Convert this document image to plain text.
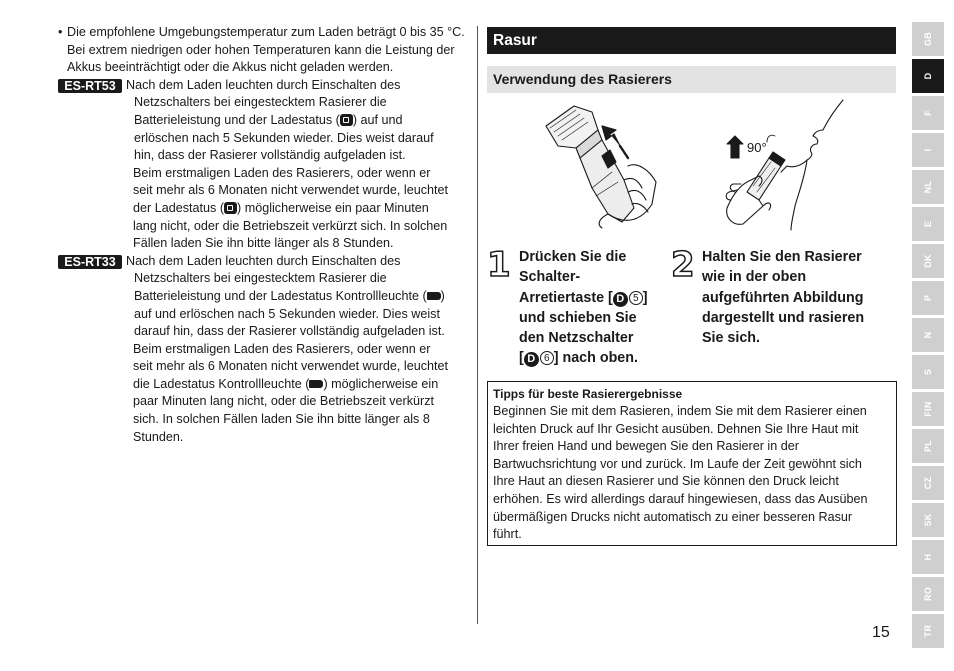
• Die empfohlene Umgebungstemperatur zum Laden beträgt 0 bis 35 °C.
Bei extrem niedrigen oder hohen Temperaturen kann die Leistung der
Akkus beeinträchtigt oder die Akkus nicht geladen werden.
ES-RT53 Nach dem Laden leuchten durch Einschalten des
Netzschalters bei eingestecktem Rasierer die
Batterieleistung und der Ladestatus ( ) auf und
erlöschen nach 5 Sekunden wieder. Dies weist darauf
hin, dass der Rasierer vollständig aufgeladen ist.
Beim erstmaligen Laden des Rasierers, oder wenn er
seit mehr als 6 Monaten nicht verwendet wurde, leuchtet
der Ladestatus ( ) möglicherweise ein paar Minuten
lang nicht, oder die Betriebszeit verkürzt sich. In solchen
Fällen laden Sie ihn bitte länger als 8 Stunden.
ES-RT33 Nach dem Laden leuchten durch Einschalten des
Netzschalters bei eingestecktem Rasierer die
Batterieleistung und der Ladestatus Kontrollleuchte ( )
auf und erlöschen nach 5 Sekunden wieder. Dies weist
darauf hin, dass der Rasierer vollständig aufgeladen ist.
Beim erstmaligen Laden des Rasierers, oder wenn er
seit mehr als 6 Monaten nicht verwendet wurde, leuchtet
die Ladestatus Kontrollleuchte ( ) möglicherweise ein
paar Minuten lang nicht, oder die Betriebszeit verkürzt
sich. In solchen Fällen laden Sie ihn bitte länger als 8
Stunden.
Rasur
Verwendung des Rasierers
90°
1 Drücken Sie die
Schalter-
Arretiertaste [ D 5 ]
und schieben Sie
den Netzschalter
[ D 6 ] nach oben.
2 Halten Sie den Rasierer
wie in der oben
aufgeführten Abbildung
dargestellt und rasieren
Sie sich.
Tipps für beste Rasierergebnisse
Beginnen Sie mit dem Rasieren, indem Sie mit dem Rasierer einen
leichten Druck auf Ihr Gesicht ausüben. Dehnen Sie Ihre Haut mit
Ihrer freien Hand und bewegen Sie den Rasierer in der
Bartwuchsrichtung vor und zurück. Im Laufe der Zeit gewöhnt sich
Ihre Haut an diesen Rasierer und Sie können den Druck leicht
erhöhen. Es wird allerdings darauf hingewiesen, dass das Ausüben
übermäßigen Drucks nicht automatisch zu einer besseren Rasur
führt.
GB
D
F
I
NL
E
DK
P
N
S
FIN
PL
CZ
SK
H
RO
TR
15
